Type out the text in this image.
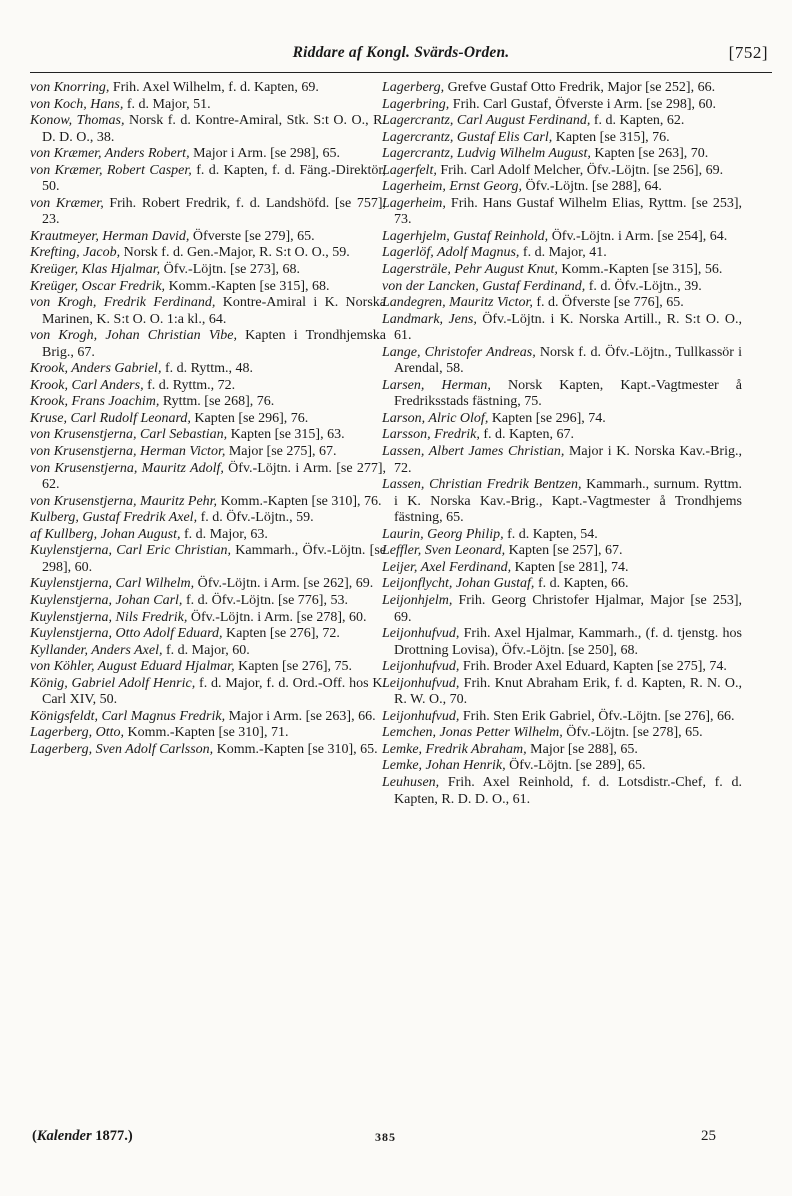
Riddare af Kongl. Svärds-Orden.	[752]

von Knorring, Frih. Axel Wilhelm, f. d. Kapten, 69.

von Koch, Hans, f. d. Major, 51.

Konow, Thomas, Norsk f. d. Kontre-Amiral, Stk. S:t O. O., R. D. D. O., 38.

von Kræmer, Anders Robert, Major i Arm. [se 298], 65.

von Kræmer, Robert Casper, f. d. Kapten, f. d. Fäng.-Direktör, 50.

von Kræmer, Frih. Robert Fredrik, f. d. Landshöfd. [se 757], 23.

Krautmeyer, Herman David, Öfverste [se 279], 65.

Krefting, Jacob, Norsk f. d. Gen.-Major, R. S:t O. O., 59.

Kreüger, Klas Hjalmar, Öfv.-Löjtn. [se 273], 68.

Kreüger, Oscar Fredrik, Komm.-Kapten [se 315], 68.

von Krogh, Fredrik Ferdinand, Kontre-Amiral i K. Norska Marinen, K. S:t O. O. 1:a kl., 64.

von Krogh, Johan Christian Vibe, Kapten i Trondhjemska Brig., 67.

Krook, Anders Gabriel, f. d. Ryttm., 48.

Krook, Carl Anders, f. d. Ryttm., 72.

Krook, Frans Joachim, Ryttm. [se 268], 76.

Kruse, Carl Rudolf Leonard, Kapten [se 296], 76.

von Krusenstjerna, Carl Sebastian, Kapten [se 315], 63.

von Krusenstjerna, Herman Victor, Major [se 275], 67.

von Krusenstjerna, Mauritz Adolf, Öfv.-Löjtn. i Arm. [se 277], 62.

von Krusenstjerna, Mauritz Pehr, Komm.-Kapten [se 310], 76.

Kulberg, Gustaf Fredrik Axel, f. d. Öfv.-Löjtn., 59.

af Kullberg, Johan August, f. d. Major, 63.

Kuylenstjerna, Carl Eric Christian, Kammarh., Öfv.-Löjtn. [se 298], 60.

Kuylenstjerna, Carl Wilhelm, Öfv.-Löjtn. i Arm. [se 262], 69.

Kuylenstjerna, Johan Carl, f. d. Öfv.-Löjtn. [se 776], 53.

Kuylenstjerna, Nils Fredrik, Öfv.-Löjtn. i Arm. [se 278], 60.

Kuylenstjerna, Otto Adolf Eduard, Kapten [se 276], 72.

Kyllander, Anders Axel, f. d. Major, 60.

von Köhler, August Eduard Hjalmar, Kapten [se 276], 75.

König, Gabriel Adolf Henric, f. d. Major, f. d. Ord.-Off. hos K. Carl XIV, 50.

Königsfeldt, Carl Magnus Fredrik, Major i Arm. [se 263], 66.

Lagerberg, Otto, Komm.-Kapten [se 310], 71.

Lagerberg, Sven Adolf Carlsson, Komm.-Kapten [se 310], 65.

Lagerberg, Grefve Gustaf Otto Fredrik, Major [se 252], 66.

Lagerbring, Frih. Carl Gustaf, Öfverste i Arm. [se 298], 60.

Lagercrantz, Carl August Ferdinand, f. d. Kapten, 62.

Lagercrantz, Gustaf Elis Carl, Kapten [se 315], 76.

Lagercrantz, Ludvig Wilhelm August, Kapten [se 263], 70.

Lagerfelt, Frih. Carl Adolf Melcher, Öfv.-Löjtn. [se 256], 69.

Lagerheim, Ernst Georg, Öfv.-Löjtn. [se 288], 64.

Lagerheim, Frih. Hans Gustaf Wilhelm Elias, Ryttm. [se 253], 73.

Lagerhjelm, Gustaf Reinhold, Öfv.-Löjtn. i Arm. [se 254], 64.

Lagerlöf, Adolf Magnus, f. d. Major, 41.

Lagersträle, Pehr August Knut, Komm.-Kapten [se 315], 56.

von der Lancken, Gustaf Ferdinand, f. d. Öfv.-Löjtn., 39.

Landegren, Mauritz Victor, f. d. Öfverste [se 776], 65.

Landmark, Jens, Öfv.-Löjtn. i K. Norska Artill., R. S:t O. O., 61.

Lange, Christofer Andreas, Norsk f. d. Öfv.-Löjtn., Tullkassör i Arendal, 58.

Larsen, Herman, Norsk Kapten, Kapt.-Vagtmester å Fredriksstads fästning, 75.

Larson, Alric Olof, Kapten [se 296], 74.

Larsson, Fredrik, f. d. Kapten, 67.

Lassen, Albert James Christian, Major i K. Norska Kav.-Brig., 72.

Lassen, Christian Fredrik Bentzen, Kammarh., surnum. Ryttm. i K. Norska Kav.-Brig., Kapt.-Vagtmester å Trondhjems fästning, 65.

Laurin, Georg Philip, f. d. Kapten, 54.

Leffler, Sven Leonard, Kapten [se 257], 67.

Leijer, Axel Ferdinand, Kapten [se 281], 74.

Leijonflycht, Johan Gustaf, f. d. Kapten, 66.

Leijonhjelm, Frih. Georg Christofer Hjalmar, Major [se 253], 69.

Leijonhufvud, Frih. Axel Hjalmar, Kammarh., (f. d. tjenstg. hos Drottning Lovisa), Öfv.-Löjtn. [se 250], 68.

Leijonhufvud, Frih. Broder Axel Eduard, Kapten [se 275], 74.

Leijonhufvud, Frih. Knut Abraham Erik, f. d. Kapten, R. N. O., R. W. O., 70.

Leijonhufvud, Frih. Sten Erik Gabriel, Öfv.-Löjtn. [se 276], 66.

Lemchen, Jonas Petter Wilhelm, Öfv.-Löjtn. [se 278], 65.

Lemke, Fredrik Abraham, Major [se 288], 65.

Lemke, Johan Henrik, Öfv.-Löjtn. [se 289], 65.

Leuhusen, Frih. Axel Reinhold, f. d. Lotsdistr.-Chef, f. d. Kapten, R. D. D. O., 61.

(Kalender 1877.)	385	25
